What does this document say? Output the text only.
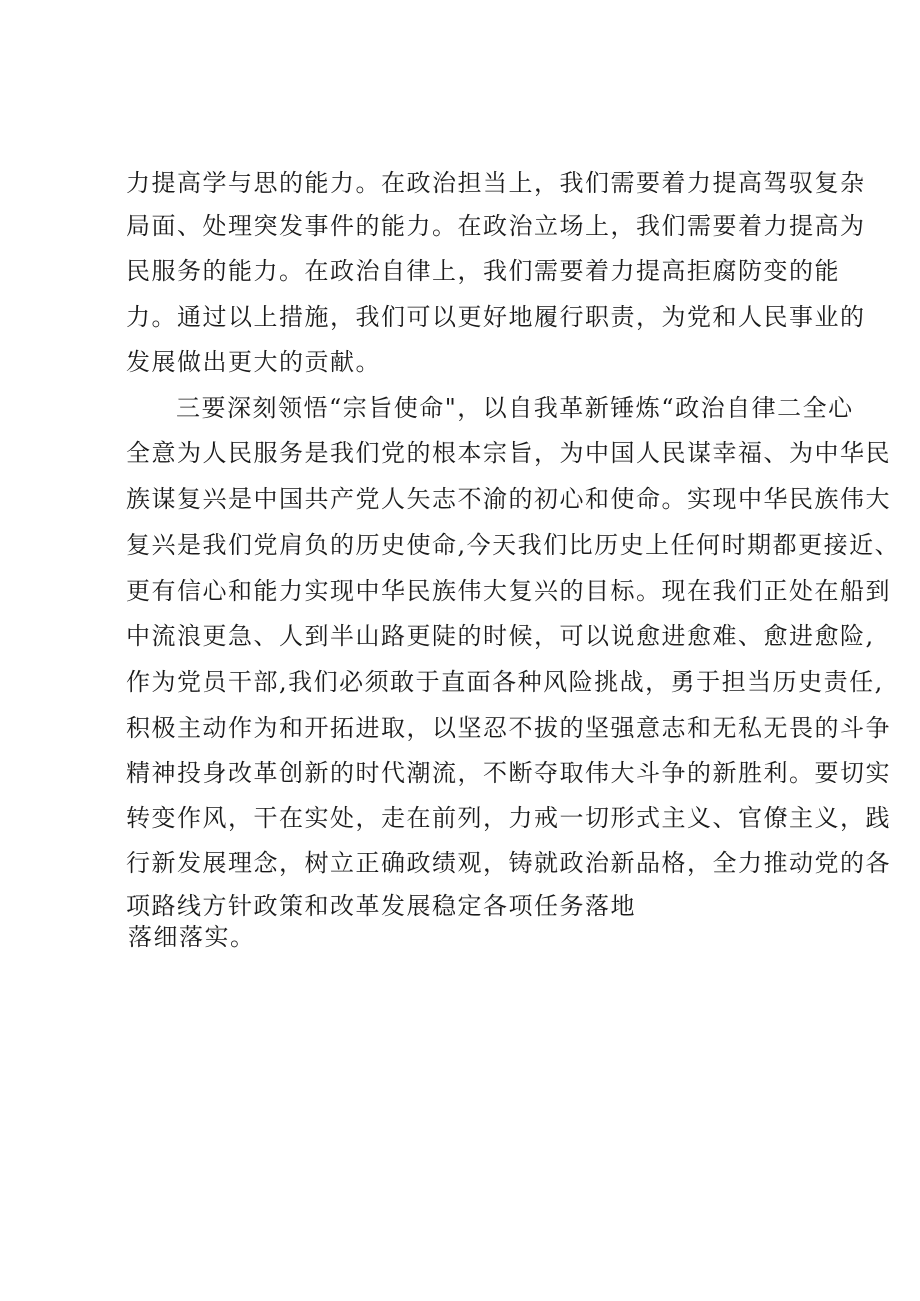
力提高学与思的能力。在政治担当上，我们需要着力提高驾驭复杂
局面、处理突发事件的能力。在政治立场上，我们需要着力提高为
民服务的能力。在政治自律上，我们需要着力提高拒腐防变的能
力。通过以上措施，我们可以更好地履行职责，为党和人民事业的
发展做出更大的贡献。
三要深刻领悟“宗旨使命"，以自我革新锤炼“政治自律二全心
全意为人民服务是我们党的根本宗旨，为中国人民谋幸福、为中华民
族谋复兴是中国共产党人矢志不渝的初心和使命。实现中华民族伟大
复兴是我们党肩负的历史使命,今天我们比历史上任何时期都更接近、
更有信心和能力实现中华民族伟大复兴的目标。现在我们正处在船到
中流浪更急、人到半山路更陡的时候，可以说愈进愈难、愈进愈险,
作为党员干部,我们必须敢于直面各种风险挑战，勇于担当历史责任,
积极主动作为和开拓进取，以坚忍不拔的坚强意志和无私无畏的斗争
精神投身改革创新的时代潮流，不断夺取伟大斗争的新胜利。要切实
转变作风，干在实处，走在前列，力戒一切形式主义、官僚主义，践
行新发展理念，树立正确政绩观，铸就政治新品格，全力推动党的各
项路线方针政策和改革发展稳定各项任务落地
落细落实。
